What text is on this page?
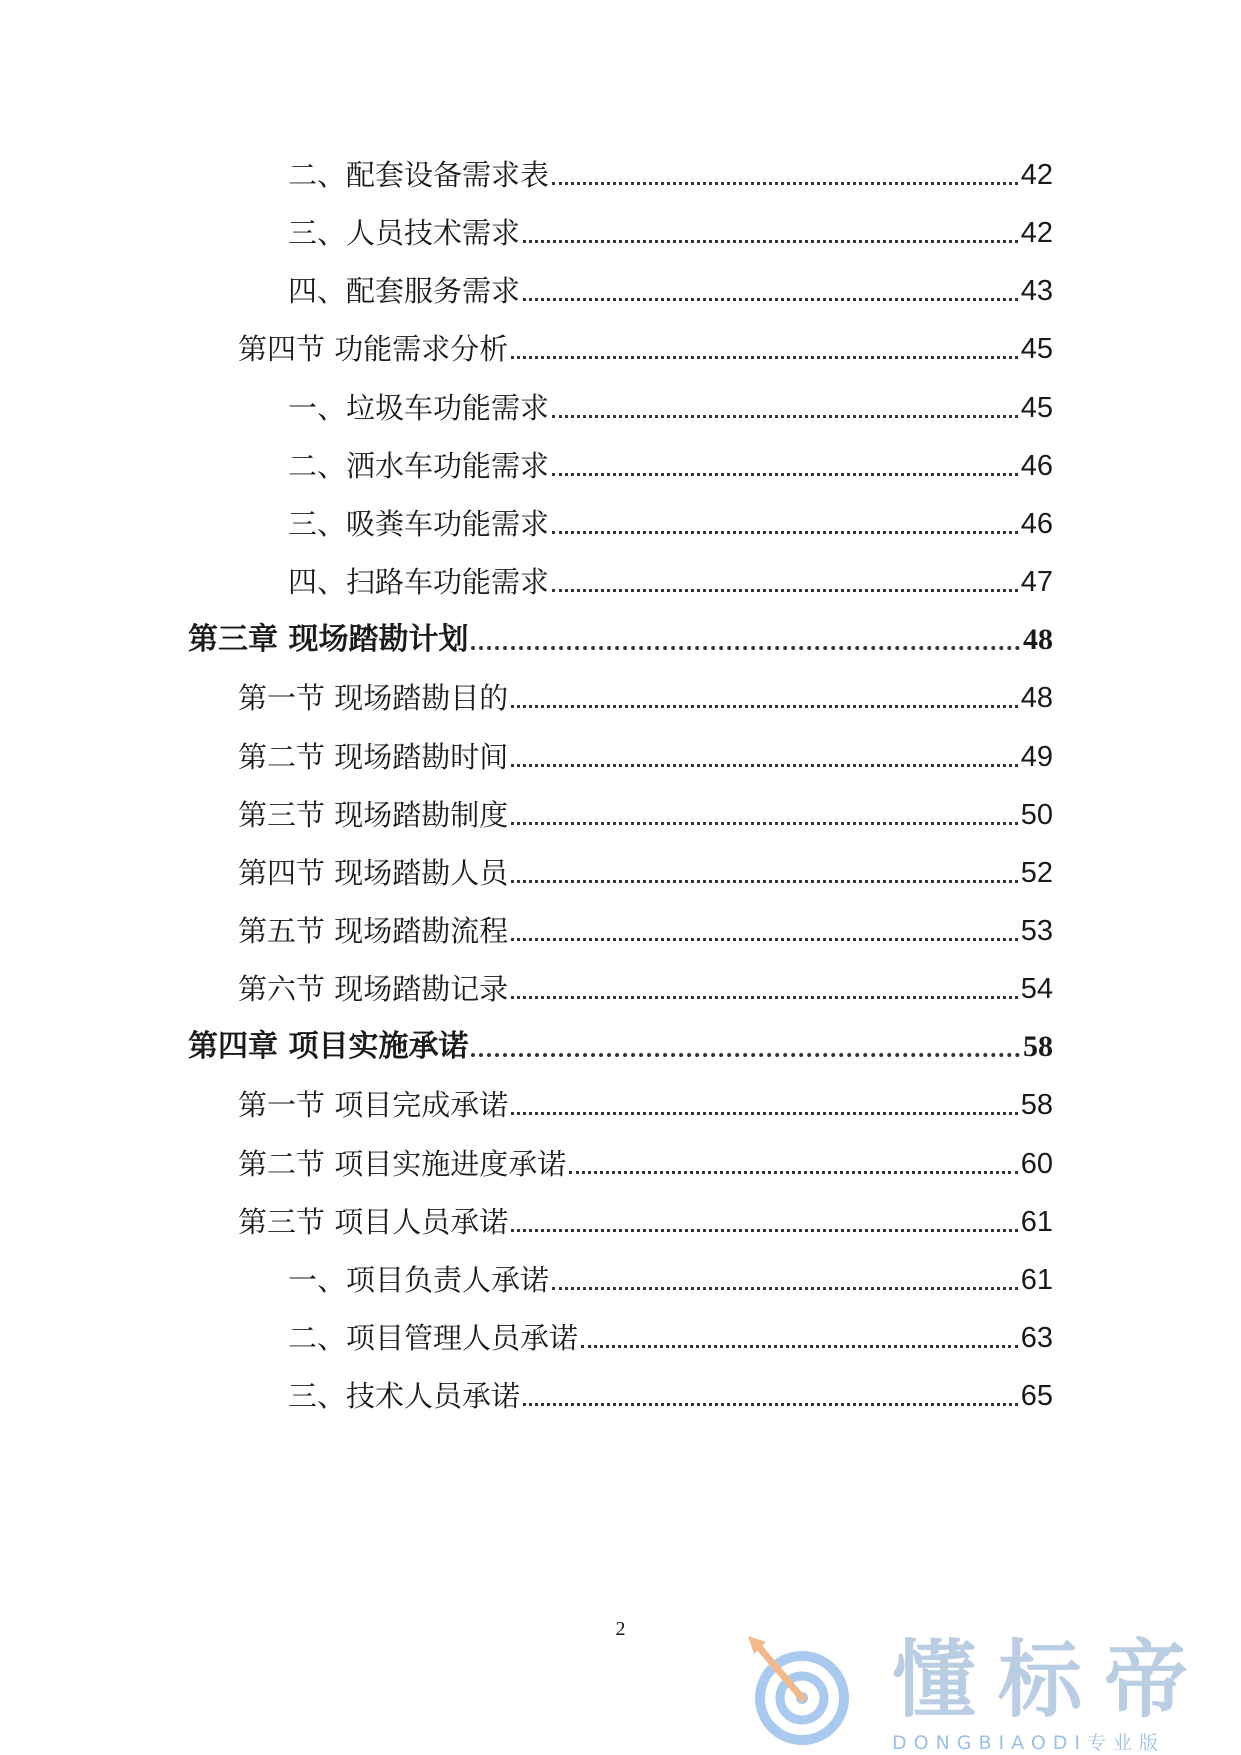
二、配套设备需求表	42
三、人员技术需求	42
四、配套服务需求	43
第四节 功能需求分析	45
一、垃圾车功能需求	45
二、洒水车功能需求	46
三、吸粪车功能需求	46
四、扫路车功能需求	47
第三章 现场踏勘计划	48
第一节 现场踏勘目的	48
第二节 现场踏勘时间	49
第三节 现场踏勘制度	50
第四节 现场踏勘人员	52
第五节 现场踏勘流程	53
第六节 现场踏勘记录	54
第四章 项目实施承诺	58
第一节 项目完成承诺	58
第二节 项目实施进度承诺	60
第三节 项目人员承诺	61
一、项目负责人承诺	61
二、项目管理人员承诺	63
三、技术人员承诺	65
2
懂标帝
DONGBIAODI专业版
